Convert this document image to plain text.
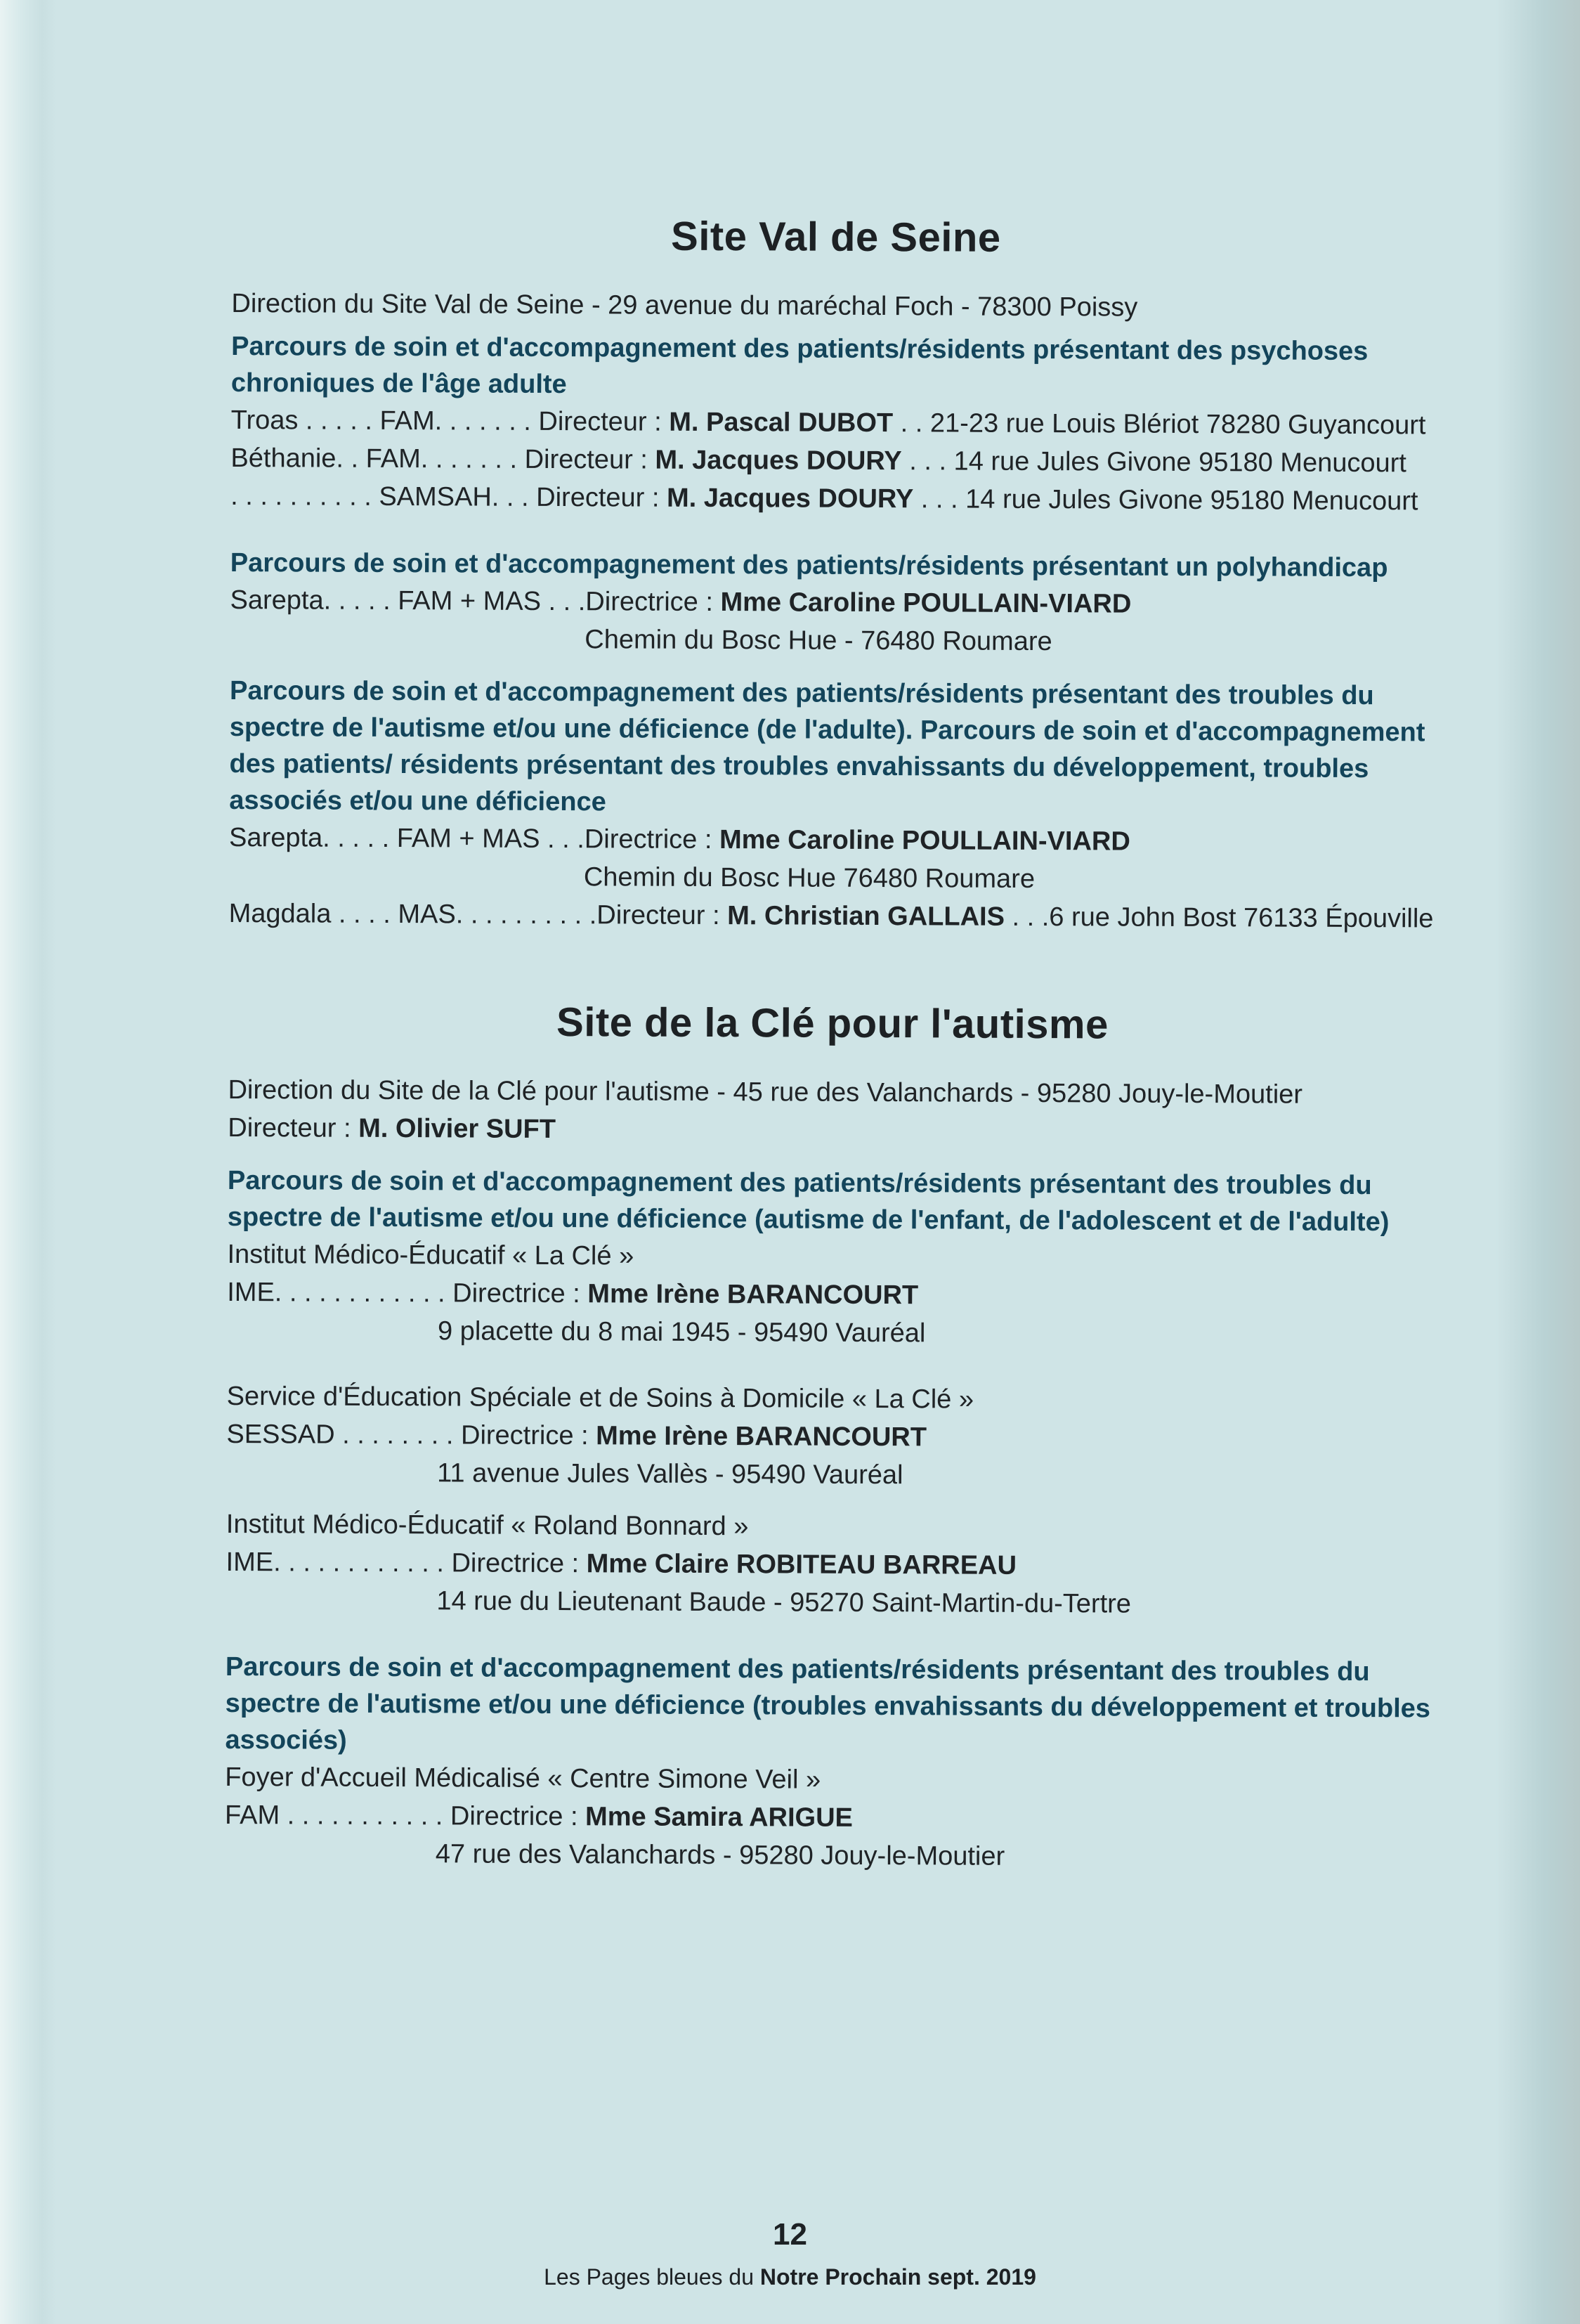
Site Val de Seine
Direction du Site Val de Seine - 29 avenue du maréchal Foch - 78300 Poissy
Parcours de soin et d'accompagnement des patients/résidents présentant des psychoses chroniques de l'âge adulte
Troas . . . . . FAM. . . . . . . Directeur : M. Pascal DUBOT . . 21-23 rue Louis Blériot 78280 Guyancourt
Béthanie. . FAM. . . . . . . Directeur : M. Jacques DOURY . . . 14 rue Jules Givone 95180 Menucourt
. . . . . . . . . . SAMSAH. . . Directeur : M. Jacques DOURY . . . 14 rue Jules Givone 95180 Menucourt
Parcours de soin et d'accompagnement des patients/résidents présentant un polyhandicap
Sarepta. . . . . FAM + MAS . . .Directrice : Mme Caroline POULLAIN-VIARD
Chemin du Bosc Hue - 76480 Roumare
Parcours de soin et d'accompagnement des patients/résidents présentant des troubles du spectre de l'autisme et/ou une déficience (de l'adulte). Parcours de soin et d'accompagnement des patients/ résidents présentant des troubles envahissants du développement, troubles associés et/ou une déficience
Sarepta. . . . . FAM + MAS . . .Directrice : Mme Caroline POULLAIN-VIARD
Chemin du Bosc Hue 76480 Roumare
Magdala . . . . MAS. . . . . . . . . .Directeur : M. Christian GALLAIS . . .6 rue John Bost 76133 Épouville
Site de la Clé pour l'autisme
Direction du Site de la Clé pour l'autisme - 45 rue des Valanchards - 95280 Jouy-le-Moutier
Directeur : M. Olivier SUFT
Parcours de soin et d'accompagnement des patients/résidents présentant des troubles du spectre de l'autisme et/ou une déficience (autisme de l'enfant, de l'adolescent et de l'adulte)
Institut Médico-Éducatif « La Clé »
IME. . . . . . . . . . . . Directrice : Mme Irène BARANCOURT
9 placette du 8 mai 1945 - 95490 Vauréal
Service d'Éducation Spéciale et de Soins à Domicile « La Clé »
SESSAD . . . . . . . . Directrice : Mme Irène BARANCOURT
11 avenue Jules Vallès - 95490 Vauréal
Institut Médico-Éducatif « Roland Bonnard »
IME. . . . . . . . . . . . Directrice : Mme Claire ROBITEAU BARREAU
14 rue du Lieutenant Baude - 95270 Saint-Martin-du-Tertre
Parcours de soin et d'accompagnement des patients/résidents présentant des troubles du spectre de l'autisme et/ou une déficience (troubles envahissants du développement et troubles associés)
Foyer d'Accueil Médicalisé « Centre Simone Veil »
FAM . . . . . . . . . . . Directrice : Mme Samira ARIGUE
47 rue des Valanchards - 95280 Jouy-le-Moutier
12
Les Pages bleues du Notre Prochain sept. 2019
